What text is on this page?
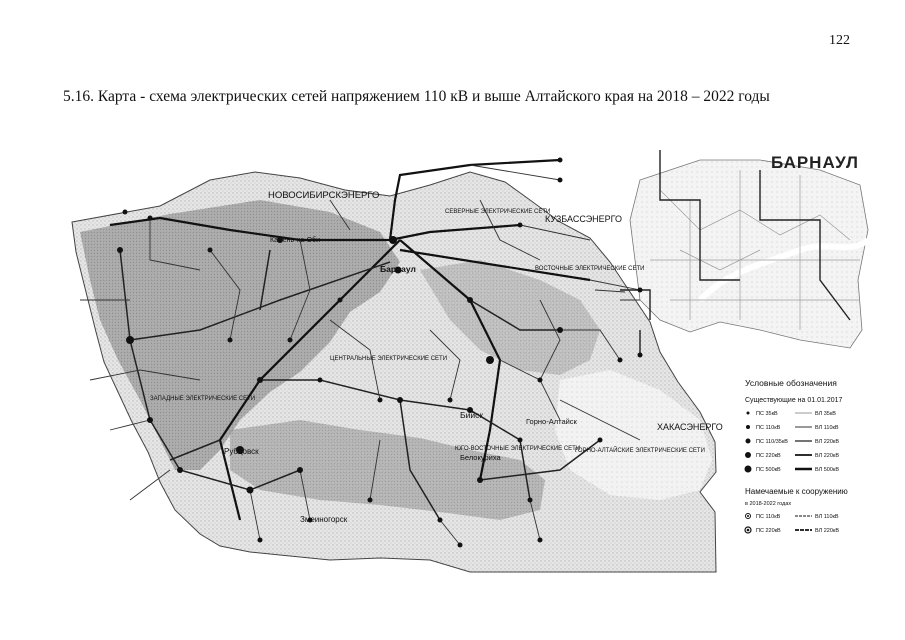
122
5.16. Карта - схема электрических сетей напряжением 110 кВ и выше Алтайского края на 2018 – 2022 годы
БАРНАУЛ
НОВОСИБИРСКЭНЕРГО
КУЗБАССЭНЕРГО
ХАКАСЭНЕРГО
Барнаул
Бийск
Рубцовск
Змеиногорск
Белокуриха
Горно-Алтайск
Камень-на-Оби
ЦЕНТРАЛЬНЫЕ ЭЛЕКТРИЧЕСКИЕ СЕТИ
ЗАПАДНЫЕ ЭЛЕКТРИЧЕСКИЕ СЕТИ
ВОСТОЧНЫЕ ЭЛЕКТРИЧЕСКИЕ СЕТИ
ЮГО-ВОСТОЧНЫЕ ЭЛЕКТРИЧЕСКИЕ СЕТИ
ГОРНО-АЛТАЙСКИЕ ЭЛЕКТРИЧЕСКИЕ СЕТИ
СЕВЕРНЫЕ ЭЛЕКТРИЧЕСКИЕ СЕТИ
Условные обозначения
Существующие на 01.01.2017
ПС 35кВ	ВЛ 35кВ
ПС 110кВ	ВЛ 110кВ
ПС 110/35кВ	ВЛ 220кВ
ПС 220кВ	ВЛ 220кВ
ПС 500кВ	ВЛ 500кВ
Намечаемые к сооружению
в 2018-2022 годах
ПС 110кВ	ВЛ 110кВ
ПС 220кВ	ВЛ 220кВ
